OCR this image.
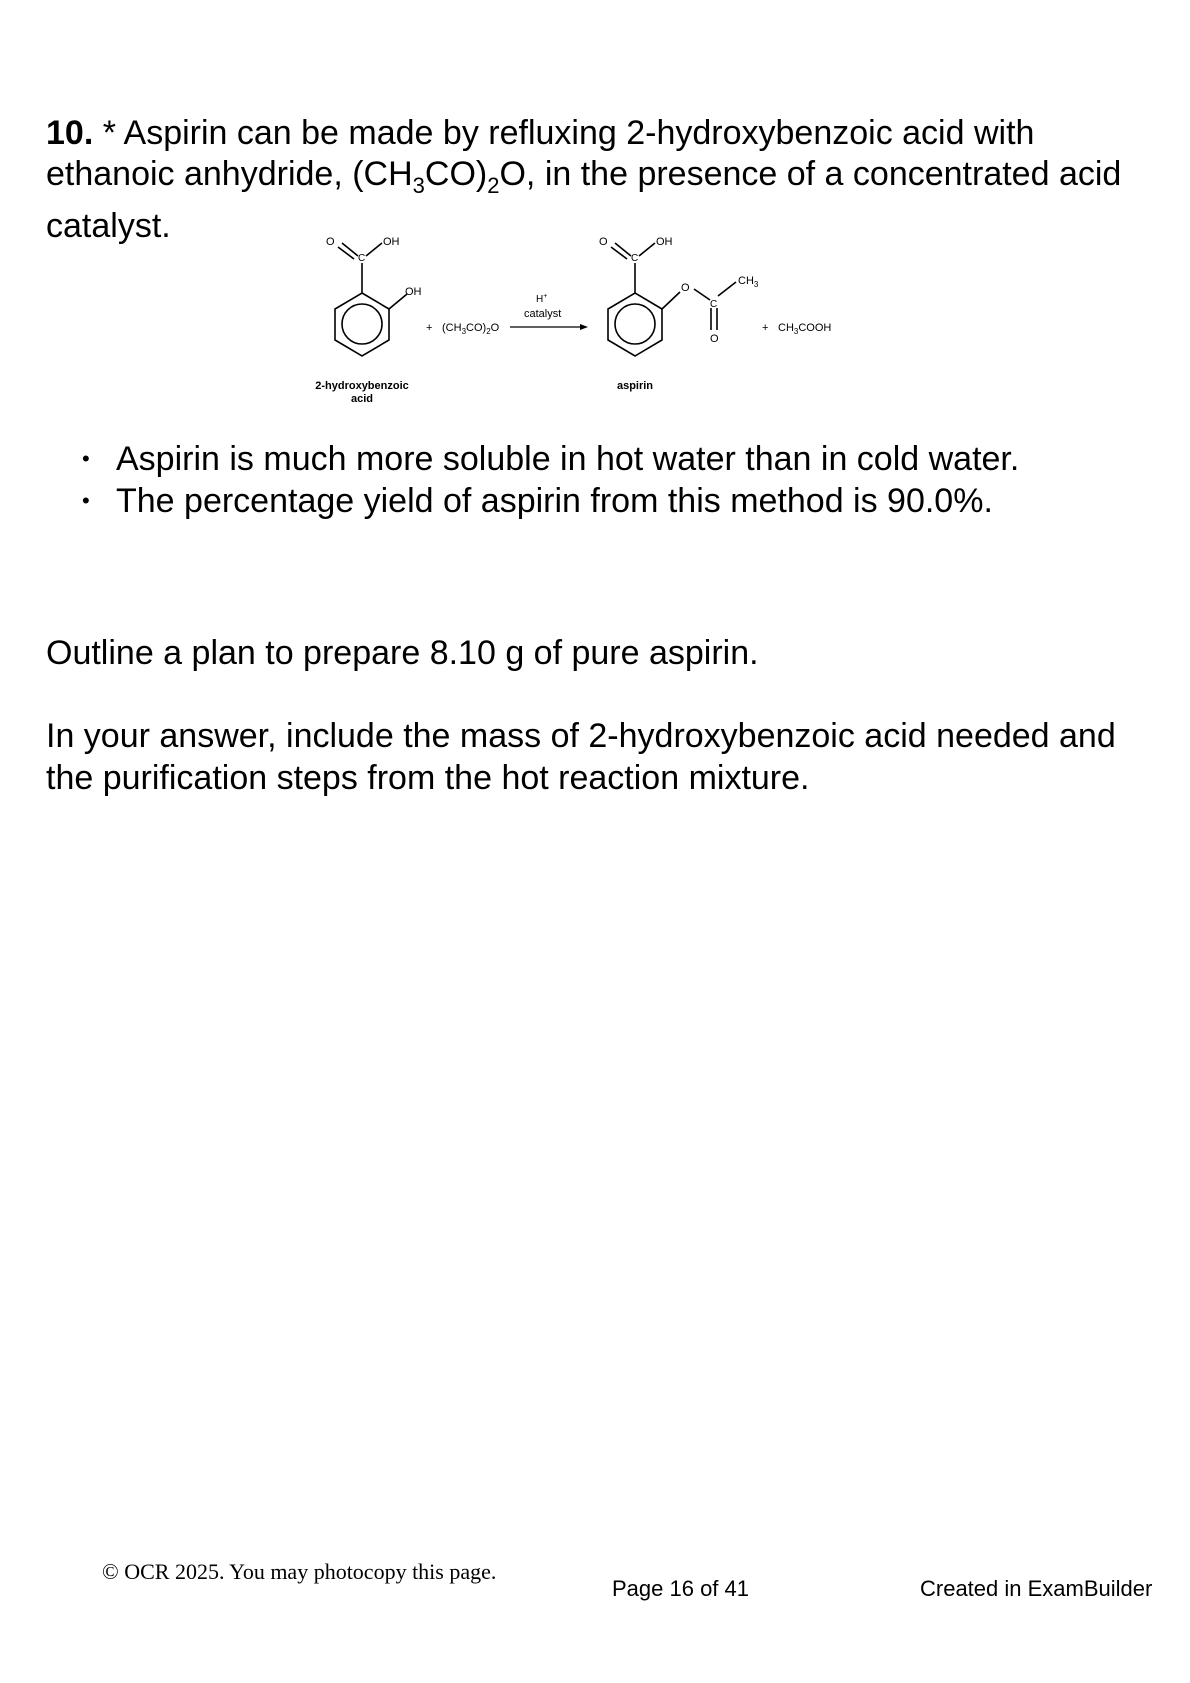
10. * Aspirin can be made by refluxing 2-hydroxybenzoic acid with ethanoic anhydride, $(CH_3CO)_2O$, in the presence of a concentrated acid catalyst.	O
C
OH
OH
+ $(CH_3CO)_2O$
H+
catalyst
O
C
OH
O
C
$CH_3$
O
+ $CH_3COOH$
2-hydroxybenzoic
acid
aspirin
• Aspirin is much more soluble in hot water than in cold water.
• The percentage yield of aspirin from this method is 90.0%.

Outline a plan to prepare 8.10 g of pure aspirin.

In your answer, include the mass of 2-hydroxybenzoic acid needed and the purification steps from the hot reaction mixture.

© OCR 2025. You may photocopy this page.
Page 16 of 41	Created in ExamBuilder
